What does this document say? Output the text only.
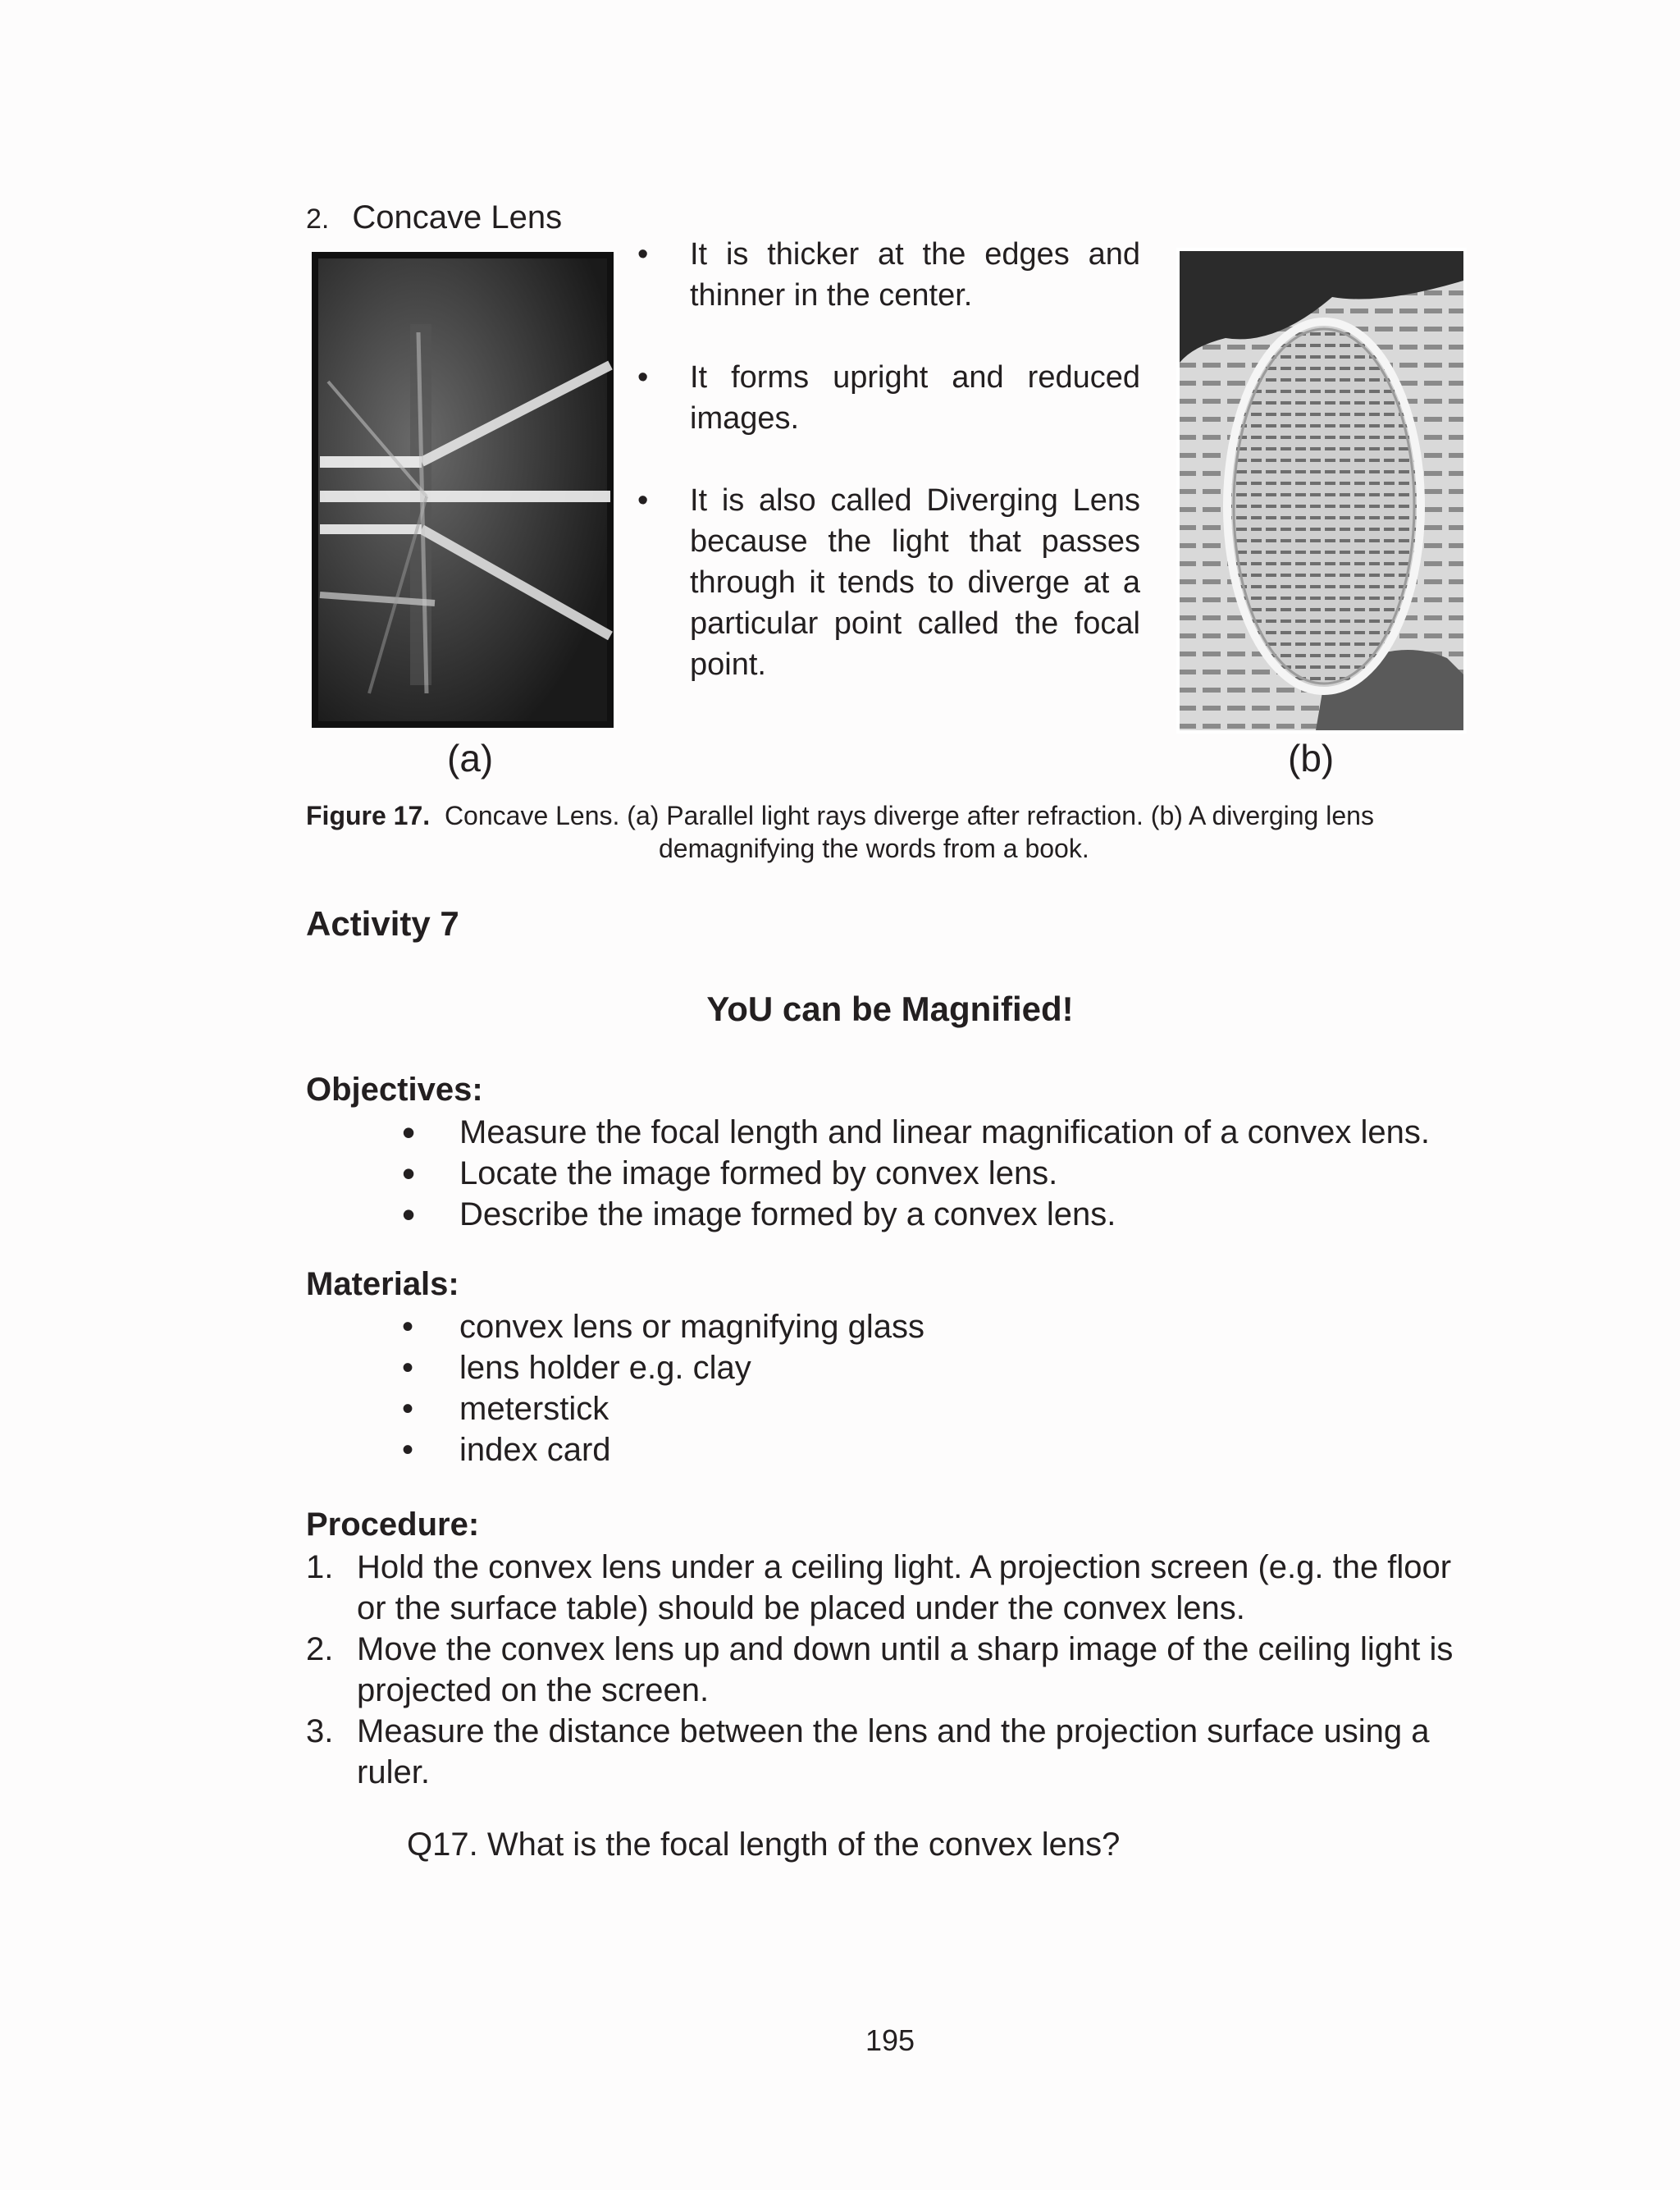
2. Concave Lens
• It is thicker at the edges and thinner in the center.
• It forms upright and reduced images.
• It is also called Diverging Lens because the light that passes through it tends to diverge at a particular point called the focal point.
(a)	(b)
Figure 17. Concave Lens. (a) Parallel light rays diverge after refraction. (b) A diverging lens
demagnifying the words from a book.
Activity 7
YoU can be Magnified!
Objectives:
• Measure the focal length and linear magnification of a convex lens.
• Locate the image formed by convex lens.
• Describe the image formed by a convex lens.
Materials:
• convex lens or magnifying glass
• lens holder e.g. clay
• meterstick
• index card
Procedure:
1. Hold the convex lens under a ceiling light. A projection screen (e.g. the floor or the surface table) should be placed under the convex lens.
2. Move the convex lens up and down until a sharp image of the ceiling light is projected on the screen.
3. Measure the distance between the lens and the projection surface using a ruler.
Q17. What is the focal length of the convex lens?
195
